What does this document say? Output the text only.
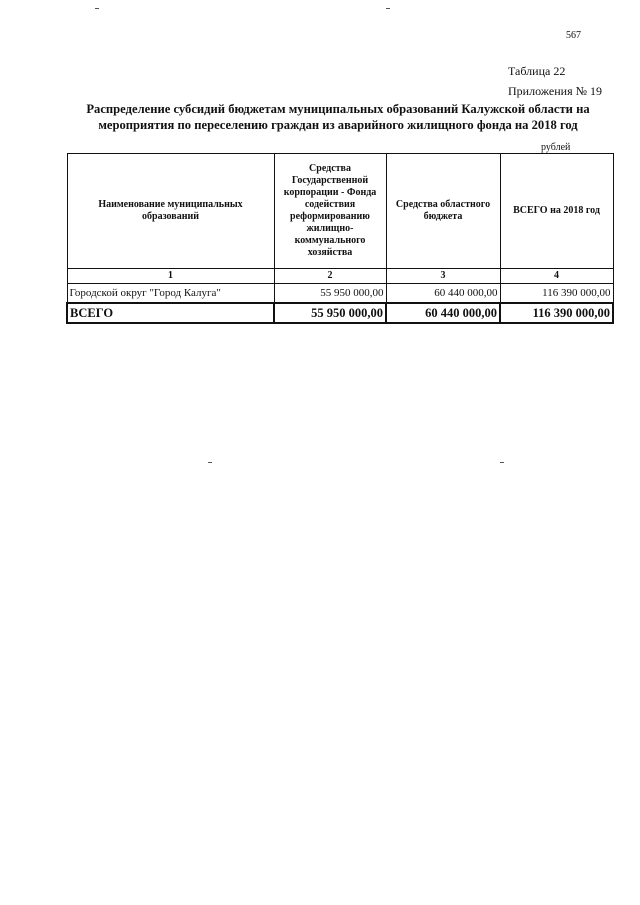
567
Таблица 22
Приложения № 19
Распределение субсидий бюджетам муниципальных образований Калужской области на
мероприятия по переселению граждан из аварийного жилищного фонда на 2018 год
рублей
Наименование муниципальных образований	Средства Государственной корпорации - Фонда содействия реформированию жилищно-коммунального хозяйства	Средства областного бюджета	ВСЕГО на 2018 год
1	2	3	4
Городской округ "Город Калуга"	55 950 000,00	60 440 000,00	116 390 000,00
ВСЕГО	55 950 000,00	60 440 000,00	116 390 000,00
